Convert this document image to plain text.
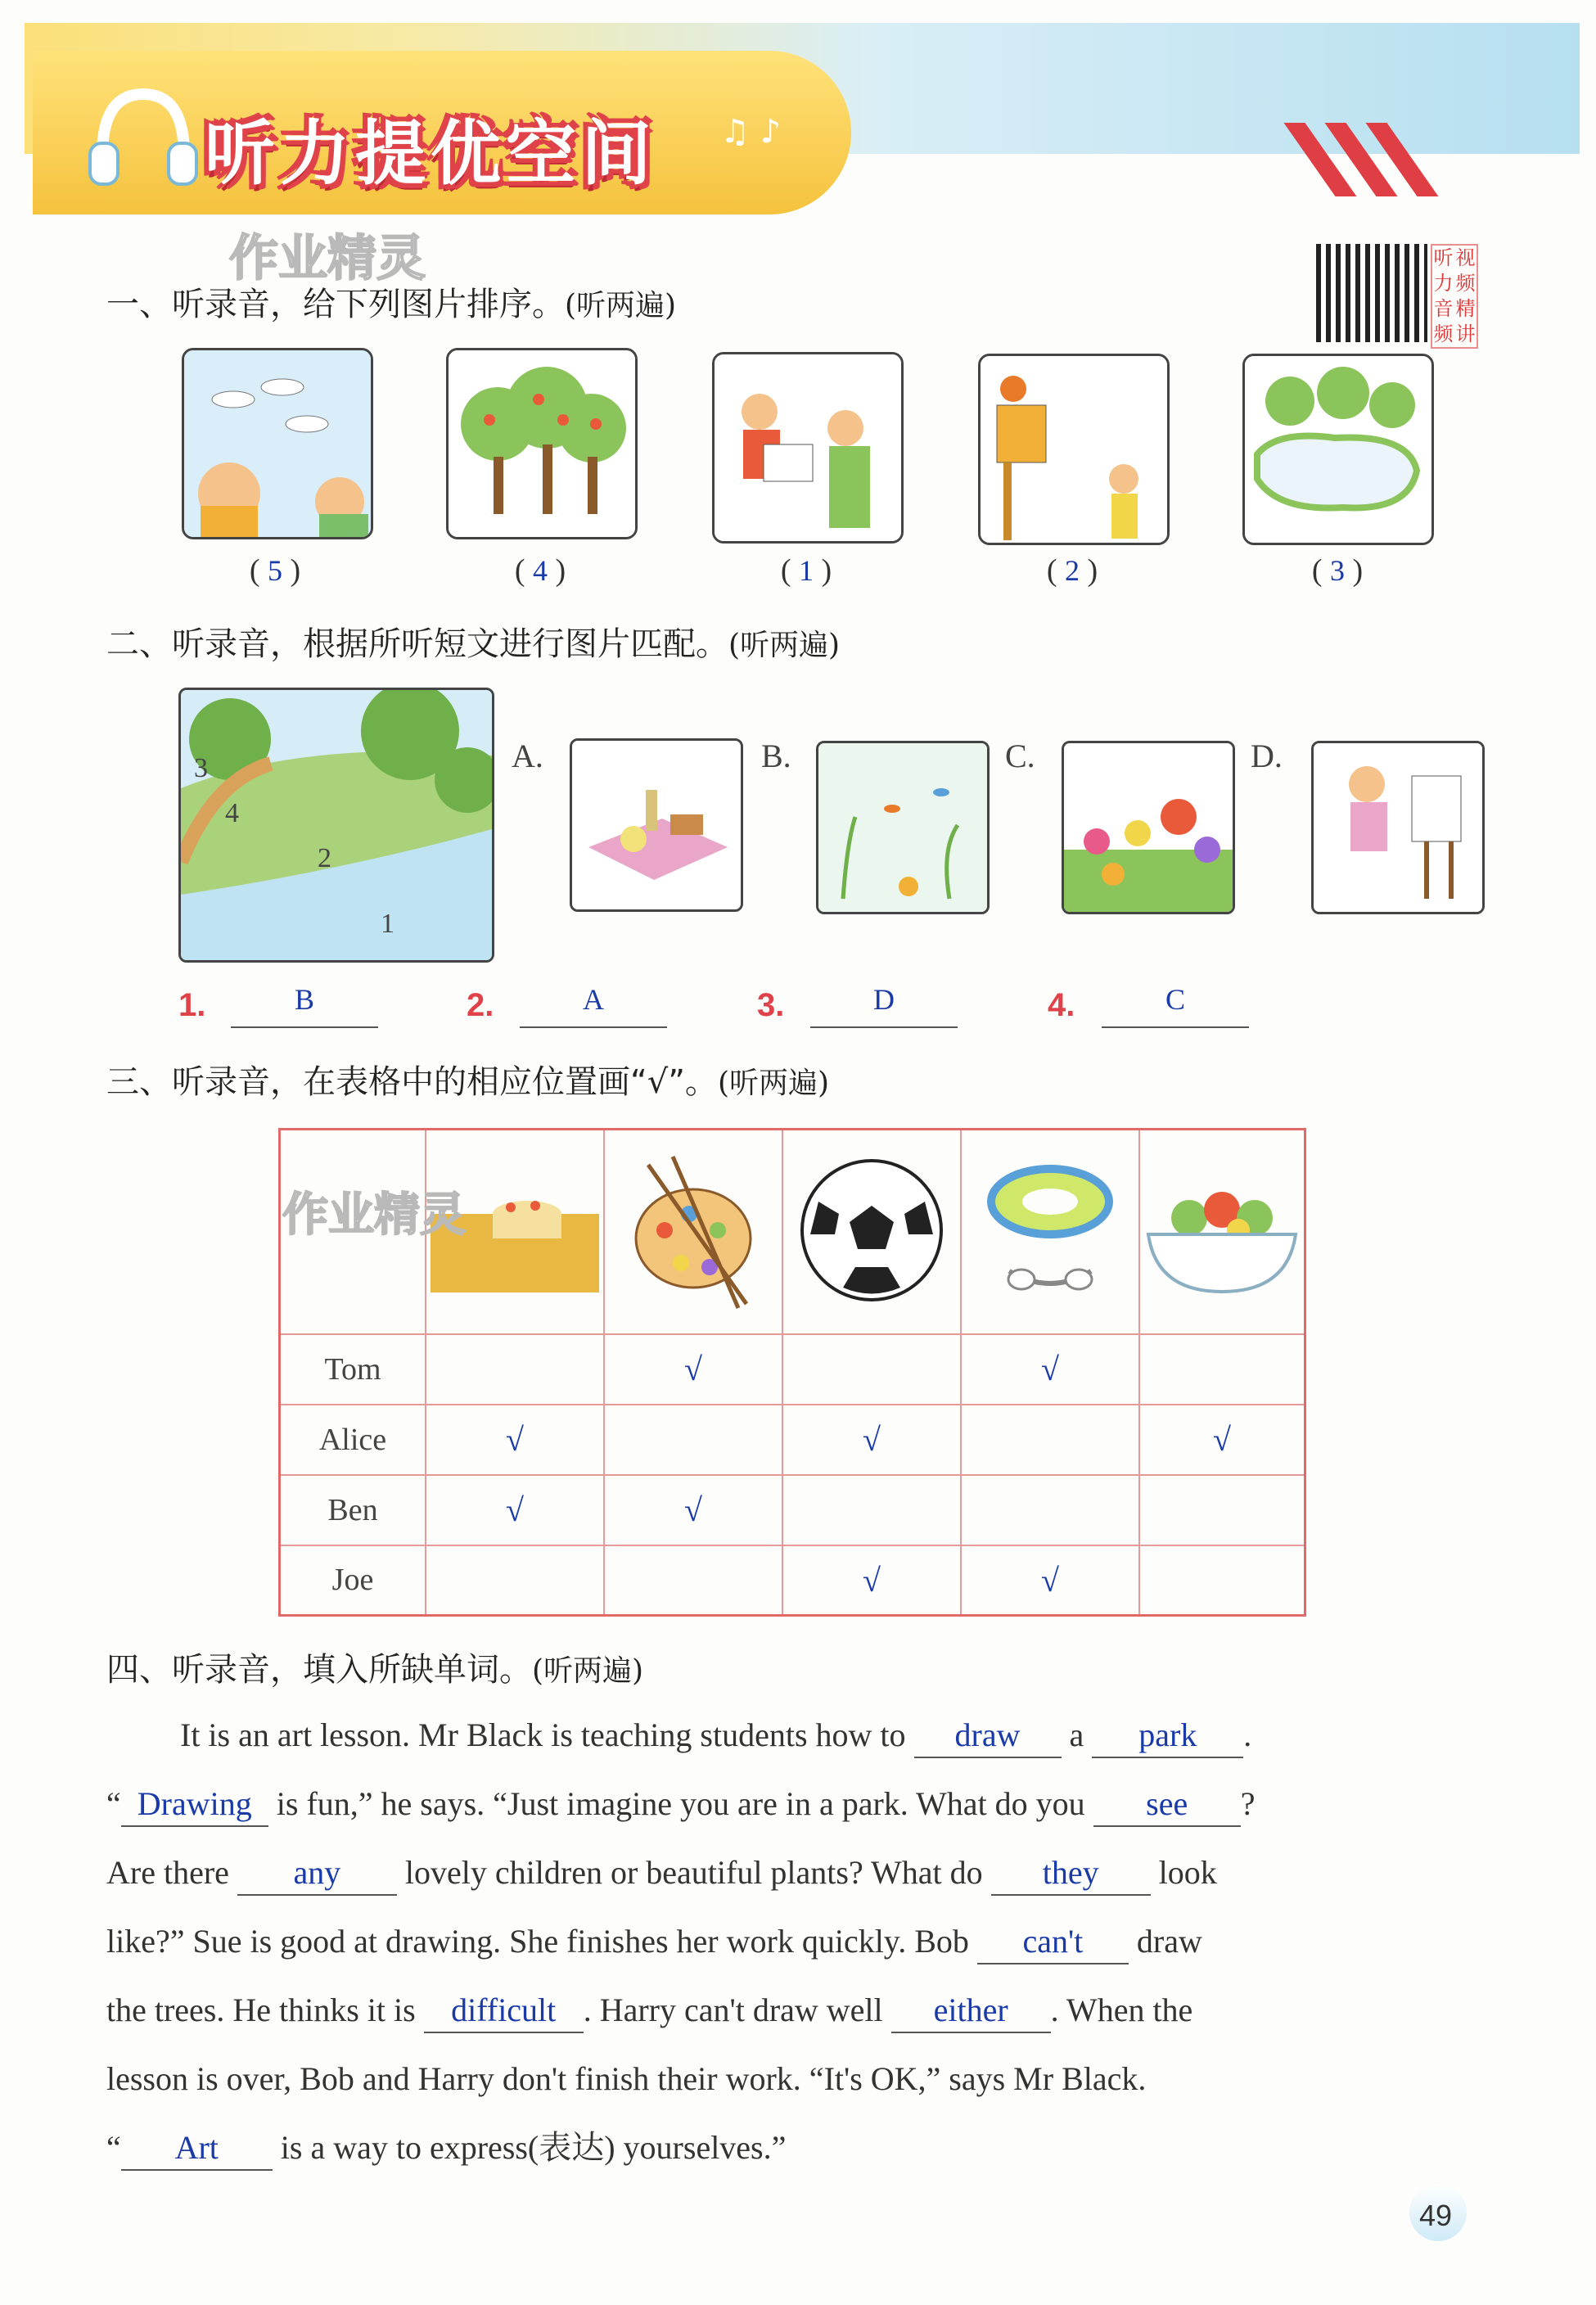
听力提优空间 ♫ ♪
作业精灵	听 视
力 频
音 精
频 讲
一、听录音，给下列图片排序。(听两遍)
( 5 )	( 4 )	( 1 )	( 2 )	( 3 )
二、听录音，根据所听短文进行图片匹配。(听两遍)
3
4
2
1
A.	B.	C.	D.
1.	B	2.	A	3.	D	4.	C
三、听录音，在表格中的相应位置画“√”。(听两遍)

Tom		√		√	
Alice	√		√		√
Ben	√	√			
Joe			√	√	
作业精灵
四、听录音，填入所缺单词。(听两遍)
It is an art lesson. Mr Black is teaching students how to draw a park .
“ Drawing is fun,” he says. “Just imagine you are in a park. What do you see ?
Are there any lovely children or beautiful plants? What do they look
like?” Sue is good at drawing. She finishes her work quickly. Bob can't draw
the trees. He thinks it is difficult . Harry can't draw well either . When the
lesson is over, Bob and Harry don't finish their work. “It's OK,” says Mr Black.
“ Art is a way to express(表达) yourselves.”
49
